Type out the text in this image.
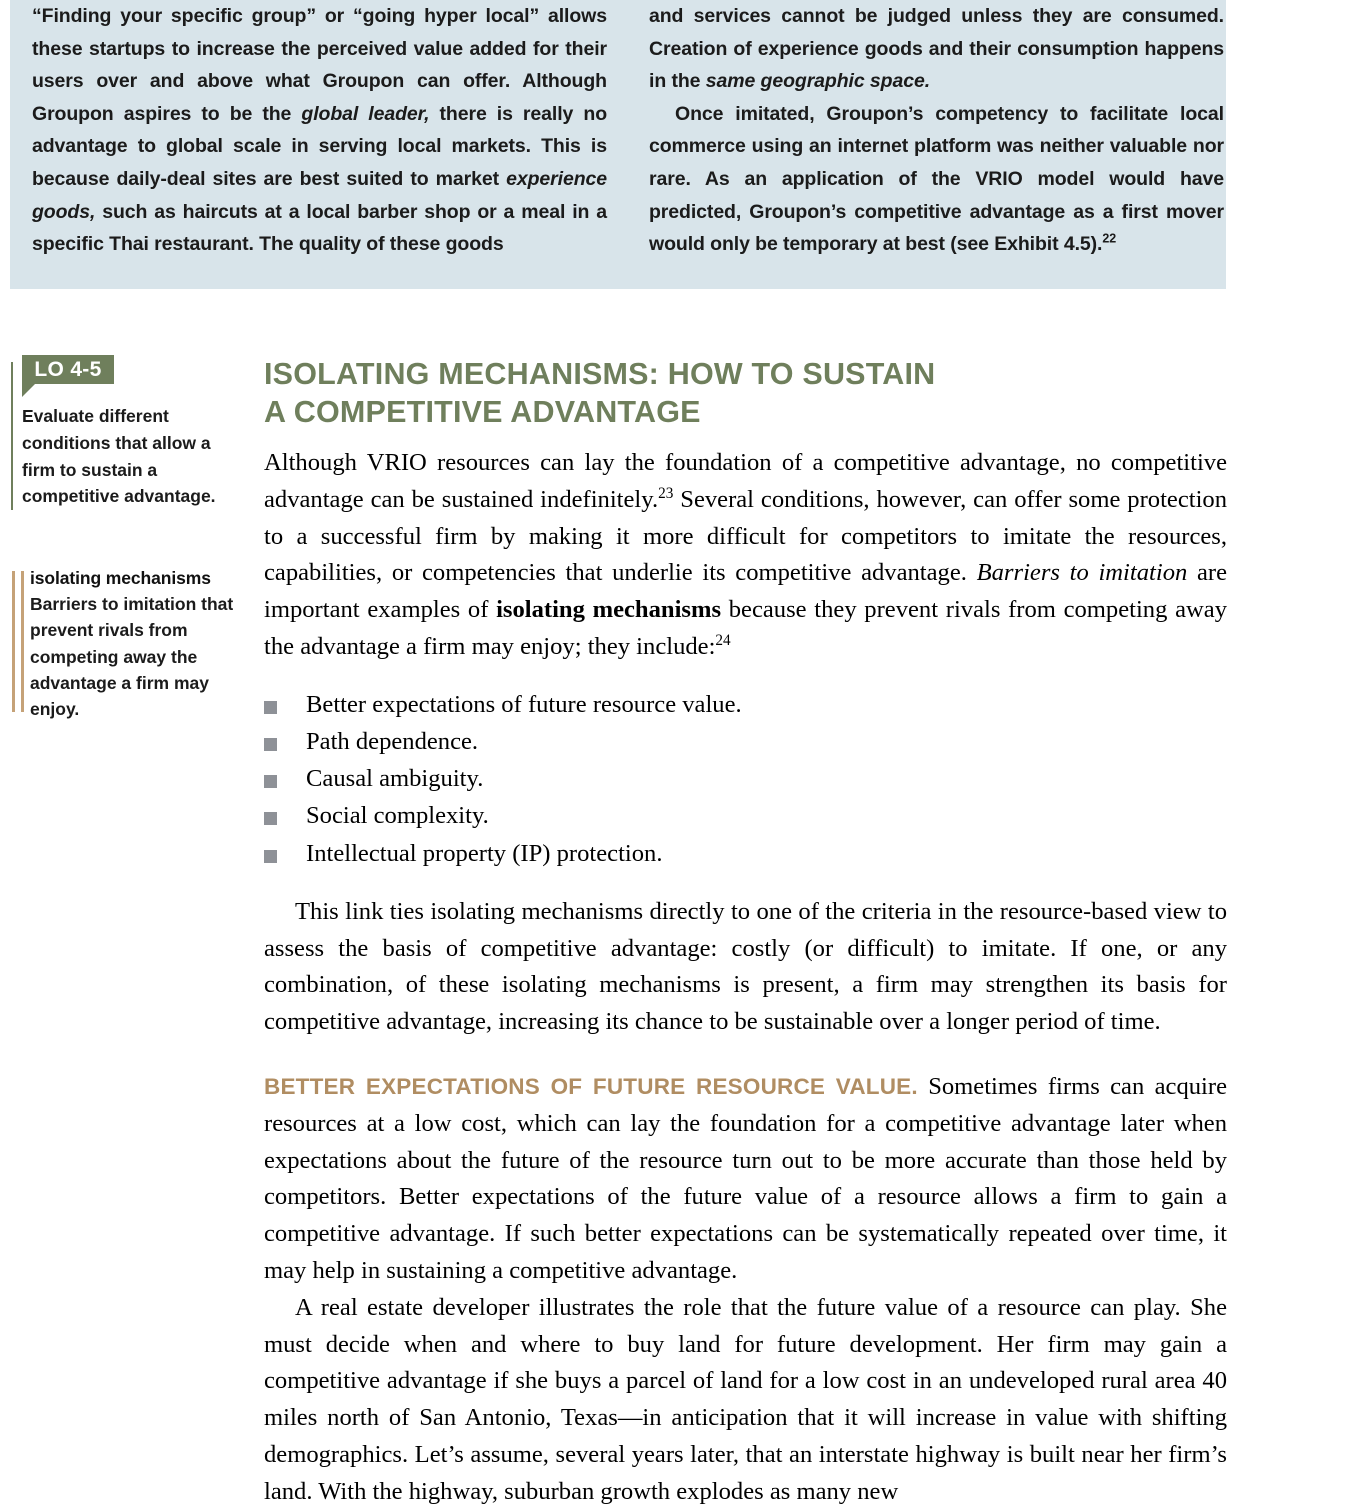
“Finding your specific group” or “going hyper local” allows these startups to increase the perceived value added for their users over and above what Groupon can offer. Although Groupon aspires to be the global leader, there is really no advantage to global scale in serving local markets. This is because daily-deal sites are best suited to market experience goods, such as haircuts at a local barber shop or a meal in a specific Thai restaurant. The quality of these goods

and services cannot be judged unless they are consumed. Creation of experience goods and their consumption happens in the same geographic space.

Once imitated, Groupon’s competency to facilitate local commerce using an internet platform was neither valuable nor rare. As an application of the VRIO model would have predicted, Groupon’s competitive advantage as a first mover would only be temporary at best (see Exhibit 4.5).$^{22}$

LO 4-5

Evaluate different conditions that allow a firm to sustain a competitive advantage.

isolating mechanisms

Barriers to imitation that prevent rivals from competing away the advantage a firm may enjoy.

ISOLATING MECHANISMS: HOW TO SUSTAIN
A COMPETITIVE ADVANTAGE

Although VRIO resources can lay the foundation of a competitive advantage, no competitive advantage can be sustained indefinitely.$^{23}$ Several conditions, however, can offer some protection to a successful firm by making it more difficult for competitors to imitate the resources, capabilities, or competencies that underlie its competitive advantage. Barriers to imitation are important examples of isolating mechanisms because they prevent rivals from competing away the advantage a firm may enjoy; they include:$^{24}$

Better expectations of future resource value.
Path dependence.
Causal ambiguity.
Social complexity.
Intellectual property (IP) protection.

This link ties isolating mechanisms directly to one of the criteria in the resource-based view to assess the basis of competitive advantage: costly (or difficult) to imitate. If one, or any combination, of these isolating mechanisms is present, a firm may strengthen its basis for competitive advantage, increasing its chance to be sustainable over a longer period of time.

BETTER EXPECTATIONS OF FUTURE RESOURCE VALUE. Sometimes firms can acquire resources at a low cost, which can lay the foundation for a competitive advantage later when expectations about the future of the resource turn out to be more accurate than those held by competitors. Better expectations of the future value of a resource allows a firm to gain a competitive advantage. If such better expectations can be systematically repeated over time, it may help in sustaining a competitive advantage.

A real estate developer illustrates the role that the future value of a resource can play. She must decide when and where to buy land for future development. Her firm may gain a competitive advantage if she buys a parcel of land for a low cost in an undeveloped rural area 40 miles north of San Antonio, Texas—in anticipation that it will increase in value with shifting demographics. Let’s assume, several years later, that an interstate highway is built near her firm’s land. With the highway, suburban growth explodes as many new
